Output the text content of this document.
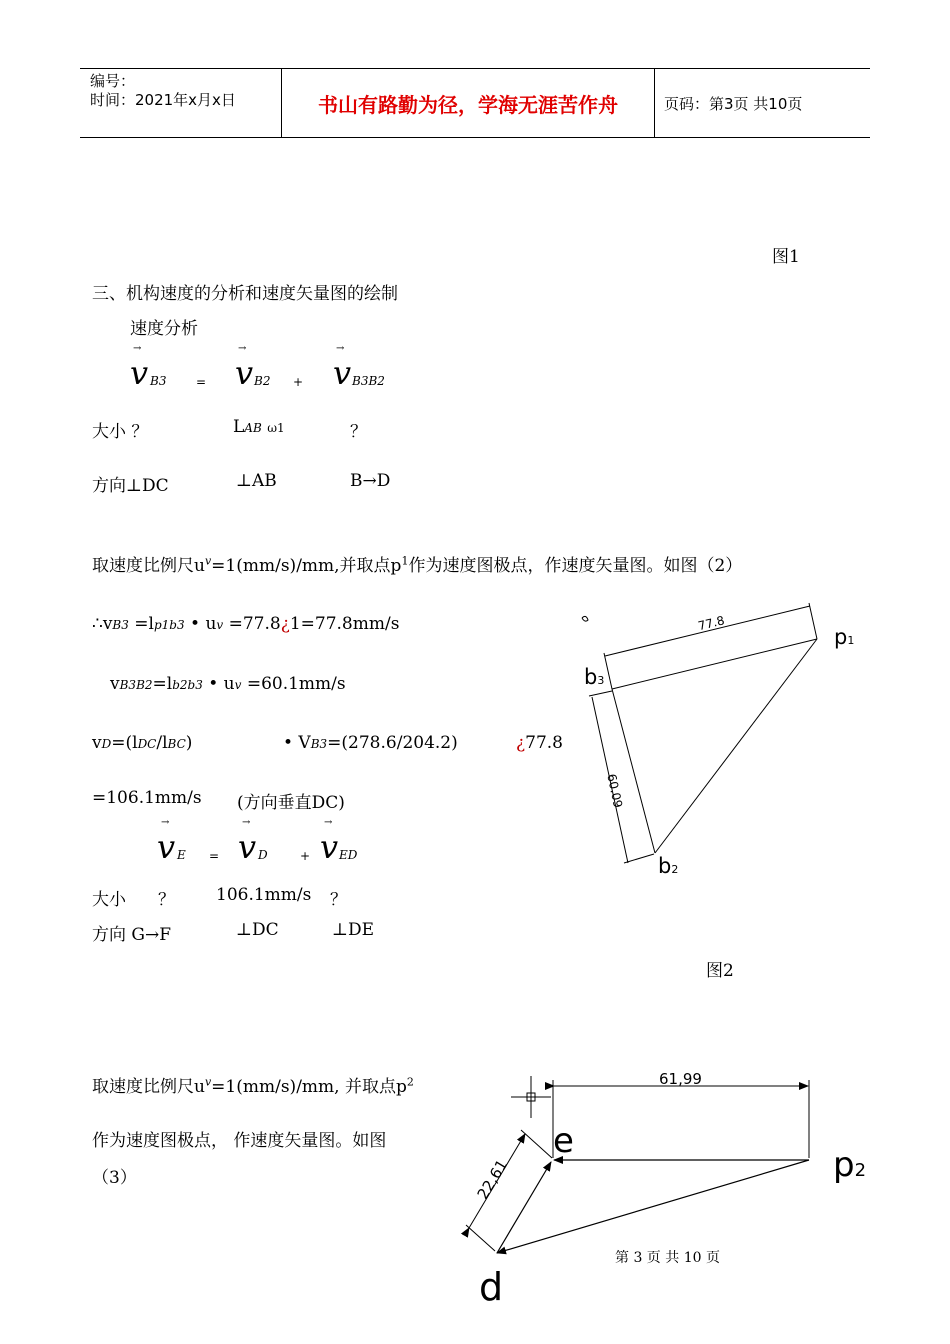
编号：
时间：2021年x月x日	书山有路勤为径，学海无涯苦作舟	页码：第3页 共10页
图1
三、机构速度的分析和速度矢量图的绘制
速度分析
→
v B3 =
→
v B2 +
→
v B3B2
大小 ？	LAB ω1	？
方向⊥DC	⊥AB	B→D
取速度比例尺$u^v=1(mm/s)/mm$,并取点$p^1$作为速度图极点，作速度矢量图。如图（2）
∴vB3 =lp1b3 • uv =77.8¿1=77.8mm/s
vB3B2=lb2b3 • uv =60.1mm/s
vD=(lDC/lBC)	• VB3=(278.6/204.2)	¿77.8
=106.1mm/s (方向垂直DC)
→
v E =
→
v D	+
→
v ED
大小 ？ 106.1mm/s ？
方向 G→F	⊥DC	⊥DE
77.8
60.09
p1
b3
b2
图2
取速度比例尺$u^v=1(mm/s)/mm$, 并取点$p^2$
作为速度图极点， 作速度矢量图。如图
（3）
61,99
22,61
e
p2
d
第 3 页 共 10 页
